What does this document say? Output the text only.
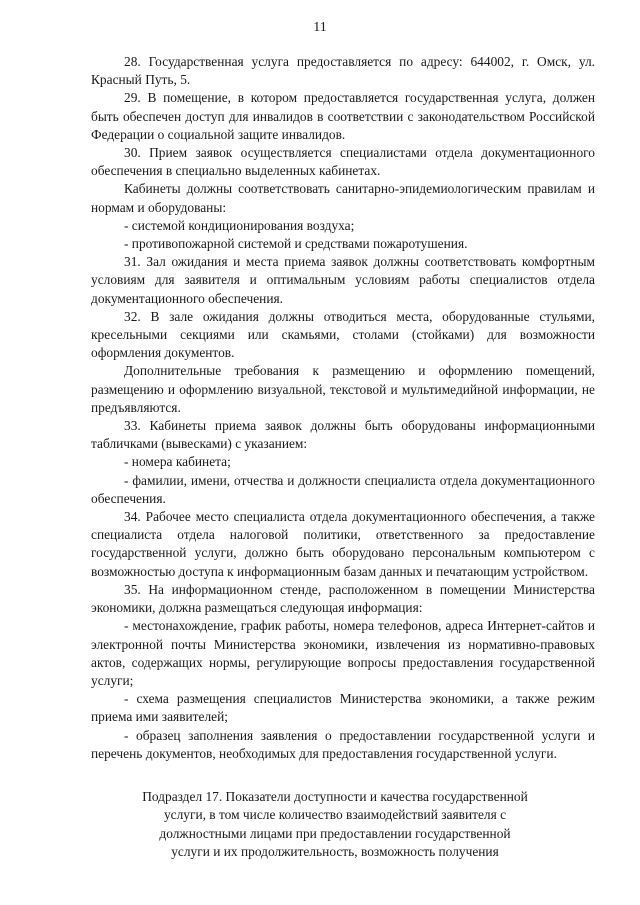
11

28. Государственная услуга предоставляется по адресу: 644002, г. Омск, ул. Красный Путь, 5.

29. В помещение, в котором предоставляется государственная услуга, должен быть обеспечен доступ для инвалидов в соответствии с законодательством Российской Федерации о социальной защите инвалидов.

30. Прием заявок осуществляется специалистами отдела документационного обеспечения в специально выделенных кабинетах.

Кабинеты должны соответствовать санитарно-эпидемиологическим правилам и нормам и оборудованы:

- системой кондиционирования воздуха;

- противопожарной системой и средствами пожаротушения.

31. Зал ожидания и места приема заявок должны соответствовать комфортным условиям для заявителя и оптимальным условиям работы специалистов отдела документационного обеспечения.

32. В зале ожидания должны отводиться места, оборудованные стульями, кресельными секциями или скамьями, столами (стойками) для возможности оформления документов.

Дополнительные требования к размещению и оформлению помещений, размещению и оформлению визуальной, текстовой и мультимедийной информации, не предъявляются.

33. Кабинеты приема заявок должны быть оборудованы информационными табличками (вывесками) с указанием:

- номера кабинета;

- фамилии, имени, отчества и должности специалиста отдела документационного обеспечения.

34. Рабочее место специалиста отдела документационного обеспечения, а также специалиста отдела налоговой политики, ответственного за предоставление государственной услуги, должно быть оборудовано персональным компьютером с возможностью доступа к информационным базам данных и печатающим устройством.

35. На информационном стенде, расположенном в помещении Министерства экономики, должна размещаться следующая информация:

- местонахождение, график работы, номера телефонов, адреса Интернет-сайтов и электронной почты Министерства экономики, извлечения из нормативно-правовых актов, содержащих нормы, регулирующие вопросы предоставления государственной услуги;

- схема размещения специалистов Министерства экономики, а также режим приема ими заявителей;

- образец заполнения заявления о предоставлении государственной услуги и перечень документов, необходимых для предоставления государственной услуги.

Подраздел 17. Показатели доступности и качества государственной
услуги, в том числе количество взаимодействий заявителя с
должностными лицами при предоставлении государственной
услуги и их продолжительность, возможность получения
